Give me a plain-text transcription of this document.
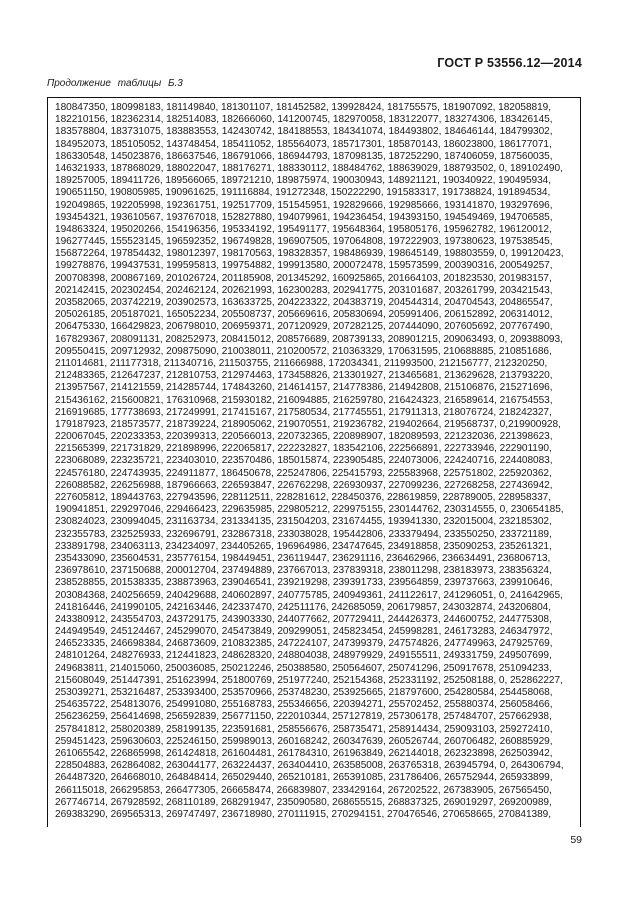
ГОСТ Р 53556.12—2014
Продолжение таблицы Б.3
180847350, 180998183, 181149840, 181301107, 181452582, 139928424, 181755575, 181907092, 182058819,
182210156, 182362314, 182514083, 182666060, 141200745, 182970058, 183122077, 183274306, 183426145,
183578804, 183731075, 183883553, 142430742, 184188553, 184341074, 184493802, 184646144, 184799302,
184952073, 185105052, 143748454, 185411052, 185564073, 185717301, 185870143, 186023800, 186177071,
186330548, 145023876, 186637546, 186791066, 186944793, 187098135, 187252290, 187406059, 187560035,
146321933, 187868029, 188022047, 188176271, 188330112, 188484762, 188639029, 188793502, 0, 189102490,
189257005, 189411726, 189566065, 189721210, 189875974, 190030943, 148921121, 190340922, 190495934,
190651150, 190805985, 190961625, 191116884, 191272348, 150222290, 191583317, 191738824, 191894534,
192049865, 192205998, 192361751, 192517709, 151545951, 192829666, 192985666, 193141870, 193297696,
193454321, 193610567, 193767018, 152827880, 194079961, 194236454, 194393150, 194549469, 194706585,
194863324, 195020266, 154196356, 195334192, 195491177, 195648364, 195805176, 195962782, 196120012,
196277445, 155523145, 196592352, 196749828, 196907505, 197064808, 197222903, 197380623, 197538545,
156872264, 197854432, 198012397, 198170563, 198328357, 198486939, 198645149, 198803559, 0, 199120423,
199278876, 199437531, 199595813, 199754882, 199913580, 200072478, 159573599, 200390316, 200549257,
200708398, 200867169, 201026724, 201185908, 201345292, 160925865, 201664103, 201823530, 201983157,
202142415, 202302454, 202462124, 202621993, 162300283, 202941775, 203101687, 203261799, 203421543,
203582065, 203742219, 203902573, 163633725, 204223322, 204383719, 204544314, 204704543, 204865547,
205026185, 205187021, 165052234, 205508737, 205669616, 205830694, 205991406, 206152892, 206314012,
206475330, 166429823, 206798010, 206959371, 207120929, 207282125, 207444090, 207605692, 207767490,
167829367, 208091131, 208252973, 208415012, 208576689, 208739133, 208901215, 209063493, 0, 209388093,
209550415, 209712932, 209875090, 210038011, 210200572, 210363329, 170631595, 210688885, 210851686,
211014681, 211177318, 211340716, 211503755, 211666988, 172034341, 211993500, 212156777, 212320250,
212483365, 212647237, 212810753, 212974463, 173458826, 213301927, 213465681, 213629628, 213793220,
213957567, 214121559, 214285744, 174843260, 214614157, 214778386, 214942808, 215106876, 215271696,
215436162, 215600821, 176310968, 215930182, 216094885, 216259780, 216424323, 216589614, 216754553,
216919685, 177738693, 217249991, 217415167, 217580534, 217745551, 217911313, 218076724, 218242327,
179187923, 218573577, 218739224, 218905062, 219070551, 219236782, 219402664, 219568737, 0,219900928,
220067045, 220233353, 220399313, 220566013, 220732365, 220898907, 182089593, 221232036, 221398623,
221565399, 221731829, 221898996, 222065817, 222232827, 183542106, 222566891, 222733946, 222901190,
223068089, 223235721, 223403010, 223570486, 185015874, 223905485, 224073006, 224240716, 224408083,
224576180, 224743935, 224911877, 186450678, 225247806, 225415793, 225583968, 225751802, 225920362,
226088582, 226256988, 187966663, 226593847, 226762298, 226930937, 227099236, 227268258, 227436942,
227605812, 189443763, 227943596, 228112511, 228281612, 228450376, 228619859, 228789005, 228958337,
190941851, 229297046, 229466423, 229635985, 229805212, 229975155, 230144762, 230314555, 0, 230654185,
230824023, 230994045, 231163734, 231334135, 231504203, 231674455, 193941330, 232015004, 232185302,
232355783, 232525933, 232696791, 232867318, 233038028, 195442806, 233379494, 233550250, 233721189,
233891798, 234063113, 234234097, 234405265, 196964986, 234747645, 234918858, 235090253, 235261321,
235433090, 235604531, 235776154, 198449451, 236119447, 236291116, 236462966, 236634491, 236806713,
236978610, 237150688, 200012704, 237494889, 237667013, 237839318, 238011298, 238183973, 238356324,
238528855, 201538335, 238873963, 239046541, 239219298, 239391733, 239564859, 239737663, 239910646,
203084368, 240256659, 240429688, 240602897, 240775785, 240949361, 241122617, 241296051, 0, 241642965,
241816446, 241990105, 242163446, 242337470, 242511176, 242685059, 206179857, 243032874, 243206804,
243380912, 243554703, 243729175, 243903330, 244077662, 207729411, 244426373, 244600752, 244775308,
244949549, 245124467, 245299070, 245473849, 209299051, 245823454, 245998281, 246173283, 246347972,
246523335, 246698384, 246873609, 210832385, 247224107, 247399379, 247574826, 247749963, 247925769,
248101264, 248276933, 212441823, 248628320, 248804038, 248979929, 249155511, 249331759, 249507699,
249683811, 214015060, 250036085, 250212246, 250388580, 250564607, 250741296, 250917678, 251094233,
215608049, 251447391, 251623994, 251800769, 251977240, 252154368, 252331192, 252508188, 0, 252862227,
253039271, 253216487, 253393400, 253570966, 253748230, 253925665, 218797600, 254280584, 254458068,
254635722, 254813076, 254991080, 255168783, 255346656, 220394271, 255702452, 255880374, 256058466,
256236259, 256414698, 256592839, 256771150, 222010344, 257127819, 257306178, 257484707, 257662938,
257841812, 258020389, 258199135, 223591681, 258556676, 258735471, 258914434, 259093103, 259272410,
259451423, 259630603, 225246150, 259989013, 260168242, 260347639, 260526744, 260706482, 260885929,
261065542, 226865998, 261424818, 261604481, 261784310, 261963849, 262144018, 262323898, 262503942,
228504883, 262864082, 263044177, 263224437, 263404410, 263585008, 263765318, 263945794, 0, 264306794,
264487320, 264668010, 264848414, 265029440, 265210181, 265391085, 231786406, 265752944, 265933899,
266115018, 266295853, 266477305, 266658474, 266839807, 233429164, 267202522, 267383905, 267565450,
267746714, 267928592, 268110189, 268291947, 235090580, 268655515, 268837325, 269019297, 269200989,
269383290, 269565313, 269747497, 236718980, 270111915, 270294151, 270476546, 270658665, 270841389,
59
